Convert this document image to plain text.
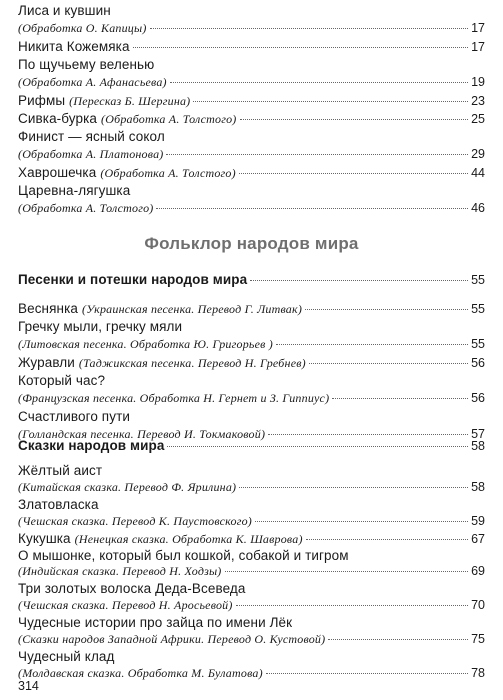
Лиса и кувшин
(Обработка О. Капицы)	17
Никита Кожемяка	17
По щучьему веленью
(Обработка А. Афанасьева)	19
Рифмы (Пересказ Б. Шергина)	23
Сивка-бурка (Обработка А. Толстого)	25
Финист — ясный сокол
(Обработка А. Платонова)	29
Хаврошечка (Обработка А. Толстого)	44
Царевна-лягушка
(Обработка А. Толстого)	46
Фольклор народов мира
Песенки и потешки народов мира	55
Веснянка (Украинская песенка. Перевод Г. Литвак)	55
Гречку мыли, гречку мяли
(Литовская песенка. Обработка Ю. Григорьев )	55
Журавли (Таджикская песенка. Перевод Н. Гребнев)	56
Который час?
(Французская песенка. Обработка Н. Гернет и З. Гиппиус)	56
Счастливого пути
(Голландская песенка. Перевод И. Токмаковой)	57
Сказки народов мира	58
Жёлтый аист
(Китайская сказка. Перевод Ф. Ярилина)	58
Златовласка
(Чешская сказка. Перевод К. Паустовского)	59
Кукушка (Ненецкая сказка. Обработка К. Шаврова)	67
О мышонке, который был кошкой, собакой и тигром
(Индийская сказка. Перевод Н. Ходзы)	69
Три золотых волоска Деда-Всеведа
(Чешская сказка. Перевод Н. Аросьевой)	70
Чудесные истории про зайца по имени Лёк
(Сказки народов Западной Африки. Перевод О. Кустовой)	75
314
Чудесный клад
(Молдавская сказка. Обработка М. Булатова)	78
